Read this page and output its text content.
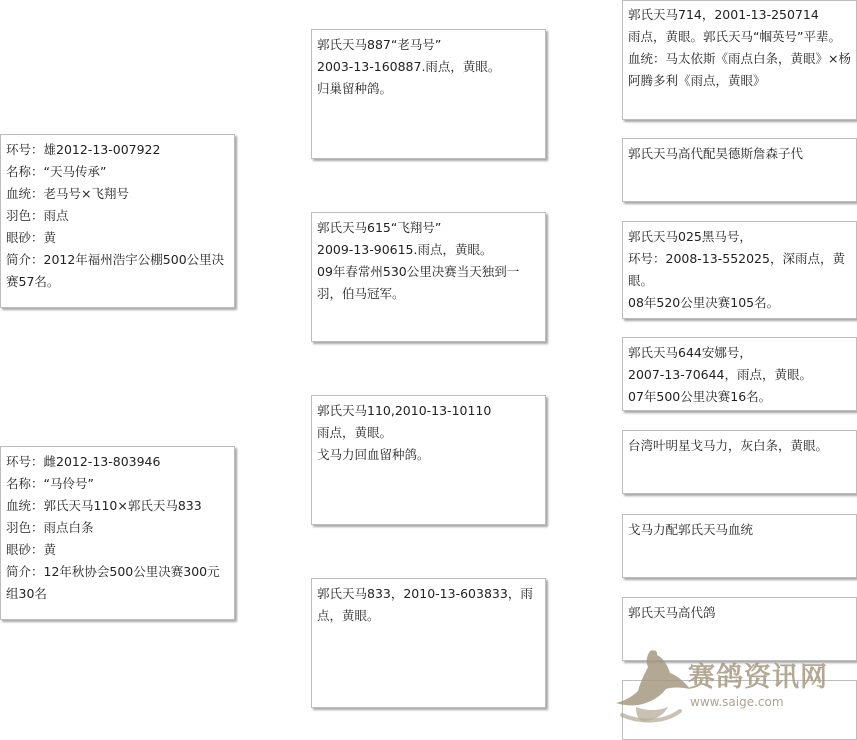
环号：雄2012-13-007922
名称：“天马传承”
血统：老马号×飞翔号
羽色：雨点
眼砂：黄
简介：2012年福州浩宇公棚500公里决赛57名。
环号：雌2012-13-803946
名称：“马伶号”
血统：郭氏天马110×郭氏天马833
羽色：雨点白条
眼砂：黄
简介：12年秋协会500公里决赛300元组30名
郭氏天马887“老马号”
2003-13-160887.雨点，黄眼。
归巢留种鸽。
郭氏天马615“飞翔号”
2009-13-90615.雨点，黄眼。
09年春常州530公里决赛当天独到一羽，伯马冠军。
郭氏天马110,2010-13-10110
雨点，黄眼。
戈马力回血留种鸽。
郭氏天马833，2010-13-603833，雨点，黄眼。
郭氏天马714，2001-13-250714
雨点，黄眼。郭氏天马“帼英号”平辈。
血统：马太依斯《雨点白条，黄眼》×杨阿腾多利《雨点，黄眼》
郭氏天马高代配昊德斯詹森子代
郭氏天马025黑马号，
环号：2008-13-552025，深雨点，黄眼。
08年520公里决赛105名。
郭氏天马644安娜号，
2007-13-70644，雨点，黄眼。
07年500公里决赛16名。
台湾叶明星戈马力，灰白条，黄眼。
戈马力配郭氏天马血统
郭氏天马高代鸽
赛鸽资讯网
www.saige.com
